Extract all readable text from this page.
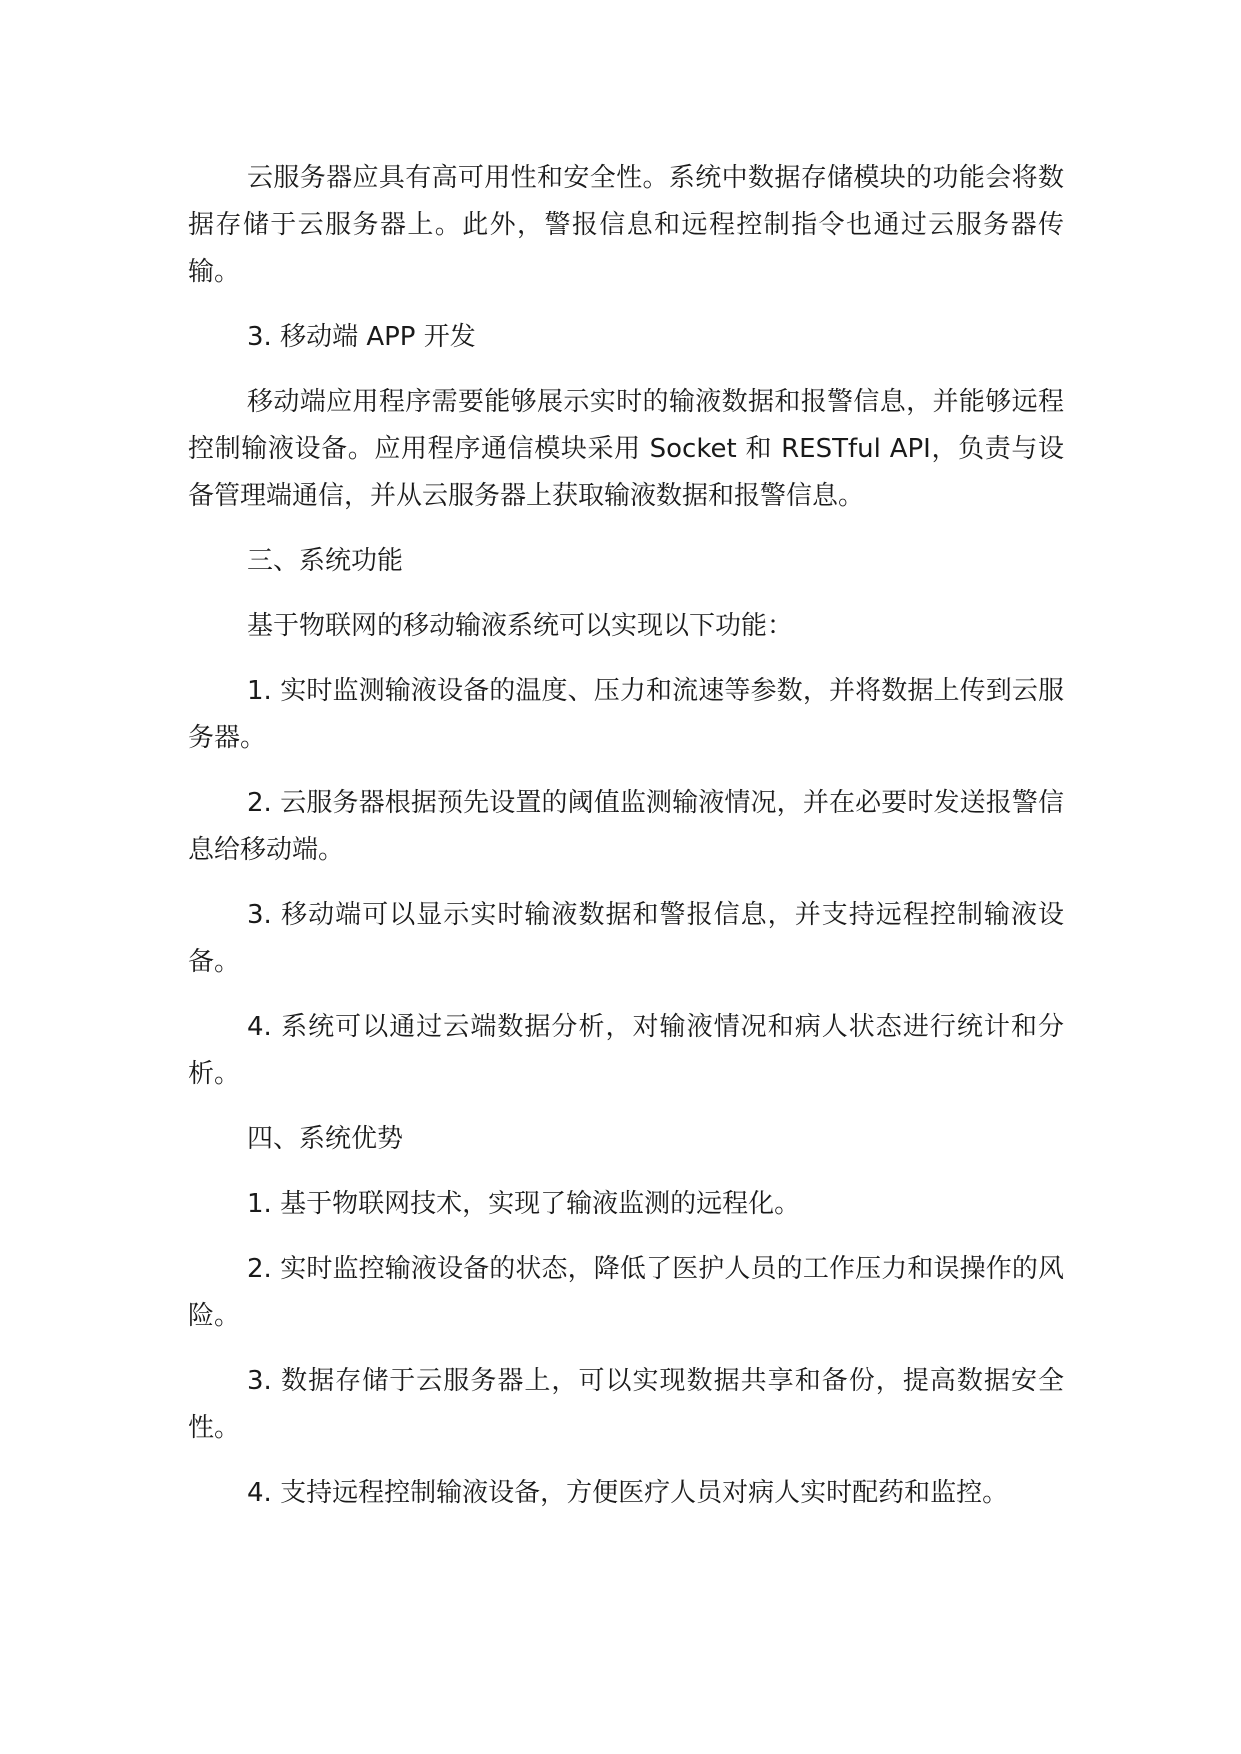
云服务器应具有高可用性和安全性。系统中数据存储模块的功能会将数据存储于云服务器上。此外，警报信息和远程控制指令也通过云服务器传输。

3. 移动端 APP 开发

移动端应用程序需要能够展示实时的输液数据和报警信息，并能够远程控制输液设备。应用程序通信模块采用 Socket 和 RESTful API，负责与设备管理端通信，并从云服务器上获取输液数据和报警信息。

三、系统功能

基于物联网的移动输液系统可以实现以下功能：

1. 实时监测输液设备的温度、压力和流速等参数，并将数据上传到云服务器。

2. 云服务器根据预先设置的阈值监测输液情况，并在必要时发送报警信息给移动端。

3. 移动端可以显示实时输液数据和警报信息，并支持远程控制输液设备。

4. 系统可以通过云端数据分析，对输液情况和病人状态进行统计和分析。

四、系统优势

1. 基于物联网技术，实现了输液监测的远程化。

2. 实时监控输液设备的状态，降低了医护人员的工作压力和误操作的风险。

3. 数据存储于云服务器上，可以实现数据共享和备份，提高数据安全性。

4. 支持远程控制输液设备，方便医疗人员对病人实时配药和监控。
